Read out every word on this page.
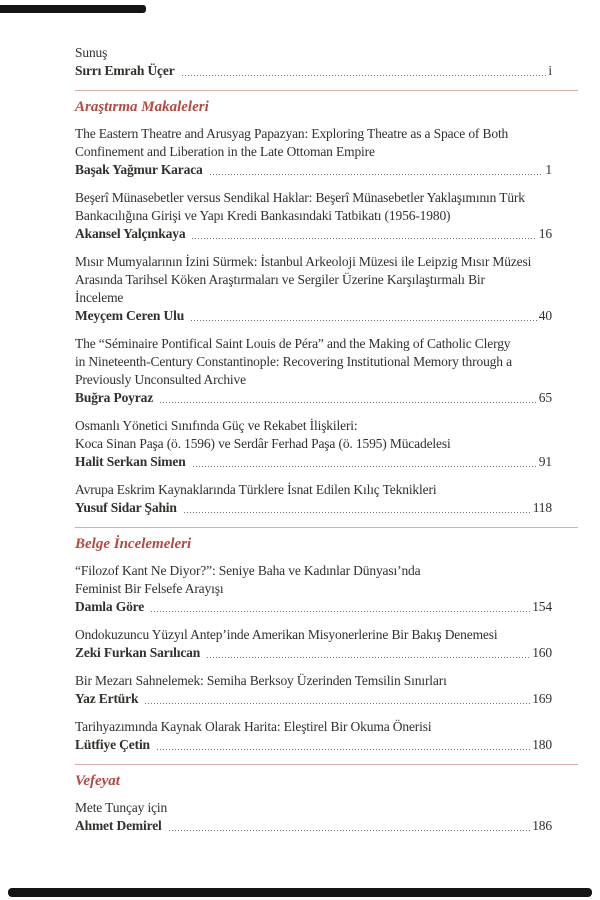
Sunuş
Sırrı Emrah Üçer	i
Araştırma Makaleleri
The Eastern Theatre and Arusyag Papazyan: Exploring Theatre as a Space of Both
Confinement and Liberation in the Late Ottoman Empire
Başak Yağmur Karaca	1
Beşerî Münasebetler versus Sendikal Haklar: Beşerî Münasebetler Yaklaşımının Türk
Bankacılığına Girişi ve Yapı Kredi Bankasındaki Tatbikatı (1956-1980)
Akansel Yalçınkaya	16
Mısır Mumyalarının İzini Sürmek: İstanbul Arkeoloji Müzesi ile Leipzig Mısır Müzesi
Arasında Tarihsel Köken Araştırmaları ve Sergiler Üzerine Karşılaştırmalı Bir
İnceleme
Meyçem Ceren Ulu	40
The “Séminaire Pontifical Saint Louis de Péra” and the Making of Catholic Clergy
in Nineteenth-Century Constantinople: Recovering Institutional Memory through a
Previously Unconsulted Archive
Buğra Poyraz	65
Osmanlı Yönetici Sınıfında Güç ve Rekabet İlişkileri:
Koca Sinan Paşa (ö. 1596) ve Serdâr Ferhad Paşa (ö. 1595) Mücadelesi
Halit Serkan Simen	91
Avrupa Eskrim Kaynaklarında Türklere İsnat Edilen Kılıç Teknikleri
Yusuf Sidar Şahin	118
Belge İncelemeleri
“Filozof Kant Ne Diyor?”: Seniye Baha ve Kadınlar Dünyası’nda
Feminist Bir Felsefe Arayışı
Damla Göre	154
Ondokuzuncu Yüzyıl Antep’inde Amerikan Misyonerlerine Bir Bakış Denemesi
Zeki Furkan Sarılıcan	160
Bir Mezarı Sahnelemek: Semiha Berksoy Üzerinden Temsilin Sınırları
Yaz Ertürk	169
Tarihyazımında Kaynak Olarak Harita: Eleştirel Bir Okuma Önerisi
Lütfiye Çetin	180
Vefeyat
Mete Tunçay için
Ahmet Demirel	186
